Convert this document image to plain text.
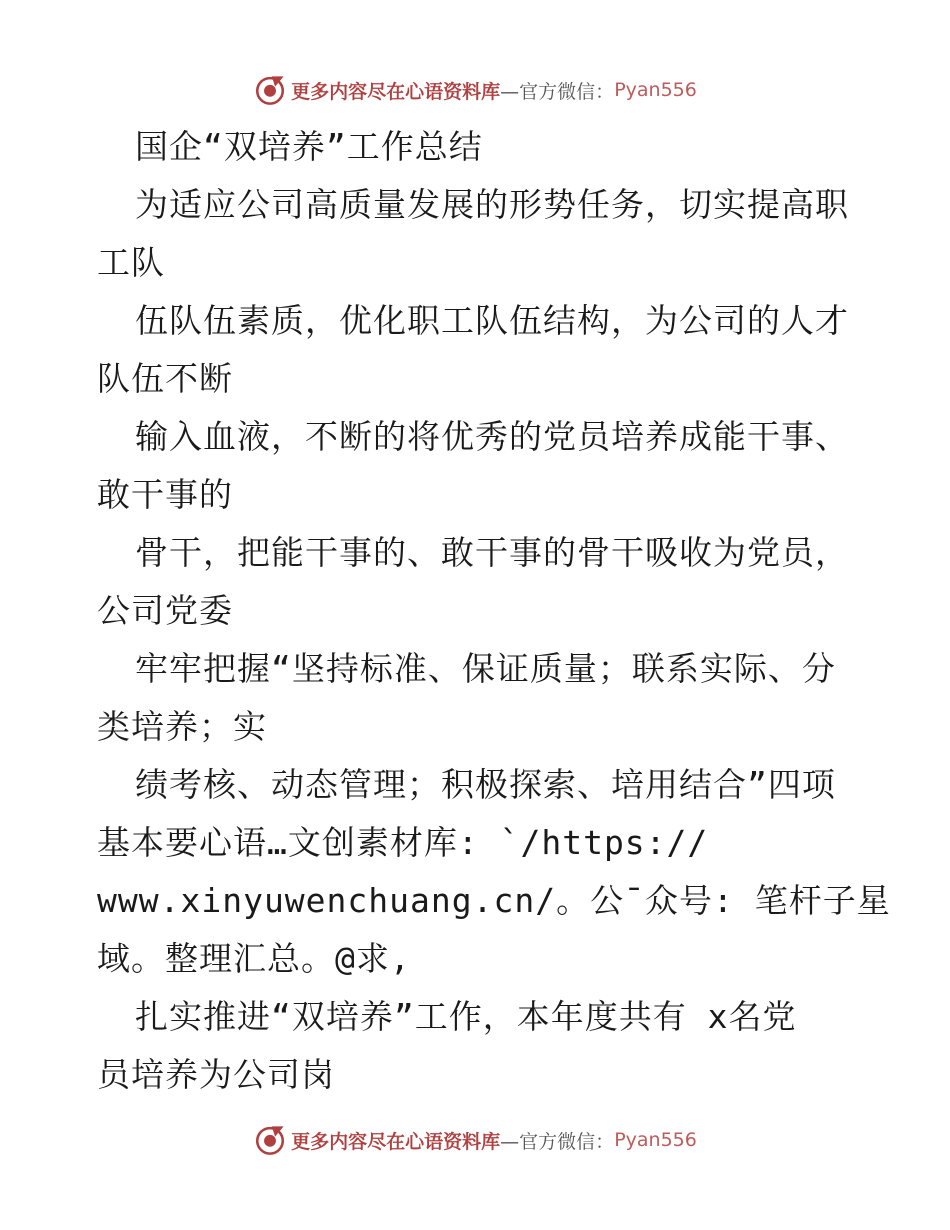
更多内容尽在心语资料库 —官方微信： Pyan556
国企“双培养”工作总结
为适应公司高质量发展的形势任务，切实提高职
工队
伍队伍素质，优化职工队伍结构，为公司的人才
队伍不断
输入血液，不断的将优秀的党员培养成能干事、
敢干事的
骨干，把能干事的、敢干事的骨干吸收为党员，
公司党委
牢牢把握“坚持标准、保证质量；联系实际、分
类培养；实
绩考核、动态管理；积极探索、培用结合”四项
基本要心语…文创素材库: `/https://
www.xinyuwenchuang.cn/。公¯众号: 笔杆子星
域。整理汇总。@求,
扎实推进“双培养”工作，本年度共有 x名党
员培养为公司岗
更多内容尽在心语资料库 —官方微信： Pyan556
